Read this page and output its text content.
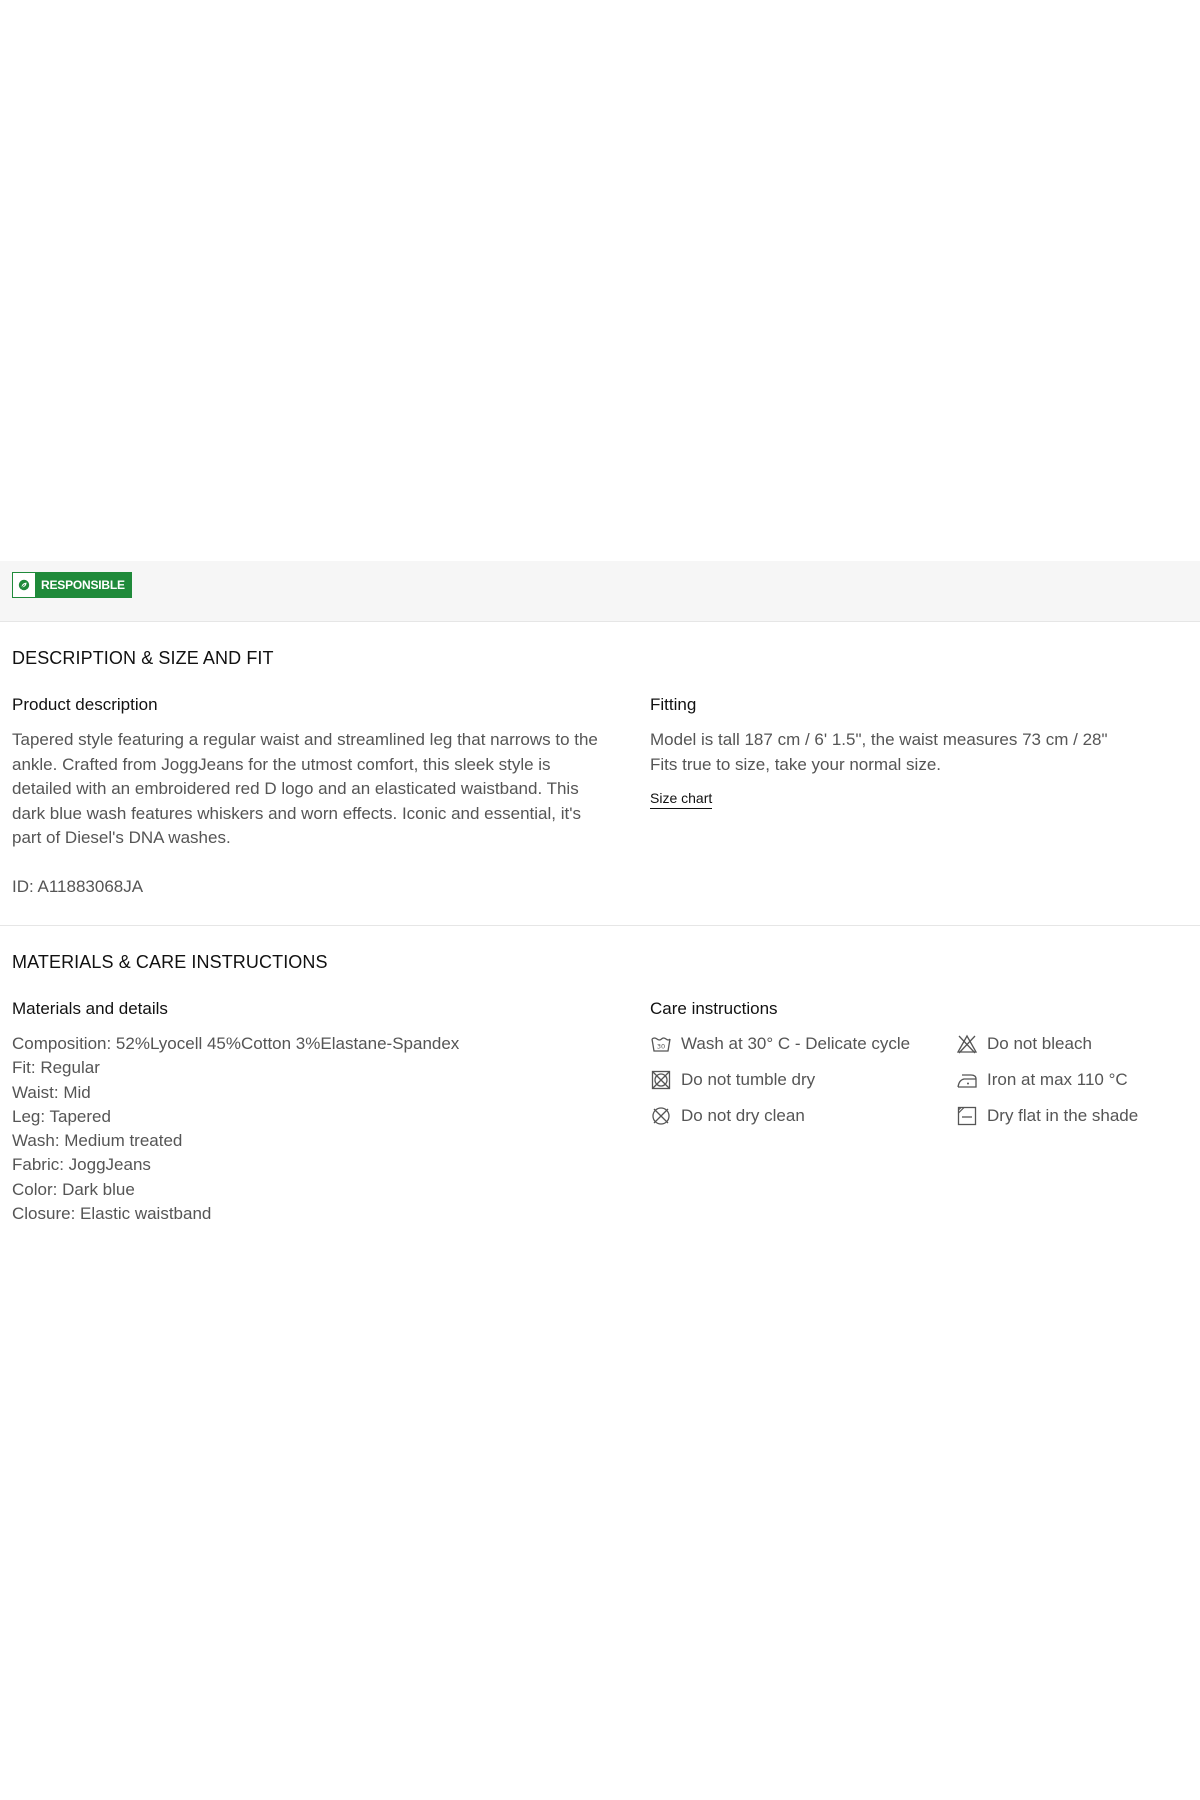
RESPONSIBLE
DESCRIPTION & SIZE AND FIT
Product description

Tapered style featuring a regular waist and streamlined leg that narrows to the ankle. Crafted from JoggJeans for the utmost comfort, this sleek style is detailed with an embroidered red D logo and an elasticated waistband. This dark blue wash features whiskers and worn effects. Iconic and essential, it's part of Diesel's DNA washes.

ID: A11883068JA

Fitting

Model is tall 187 cm / 6' 1.5", the waist measures 73 cm / 28"

Fits true to size, take your normal size.

Size chart
MATERIALS & CARE INSTRUCTIONS
Materials and details

Composition: 52%Lyocell 45%Cotton 3%Elastane-Spandex

Fit: Regular

Waist: Mid

Leg: Tapered

Wash: Medium treated

Fabric: JoggJeans

Color: Dark blue

Closure: Elastic waistband

Care instructions
30 Wash at 30° C - Delicate cycle	Do not bleach
Do not tumble dry	Iron at max 110 °C
Do not dry clean	Dry flat in the shade
